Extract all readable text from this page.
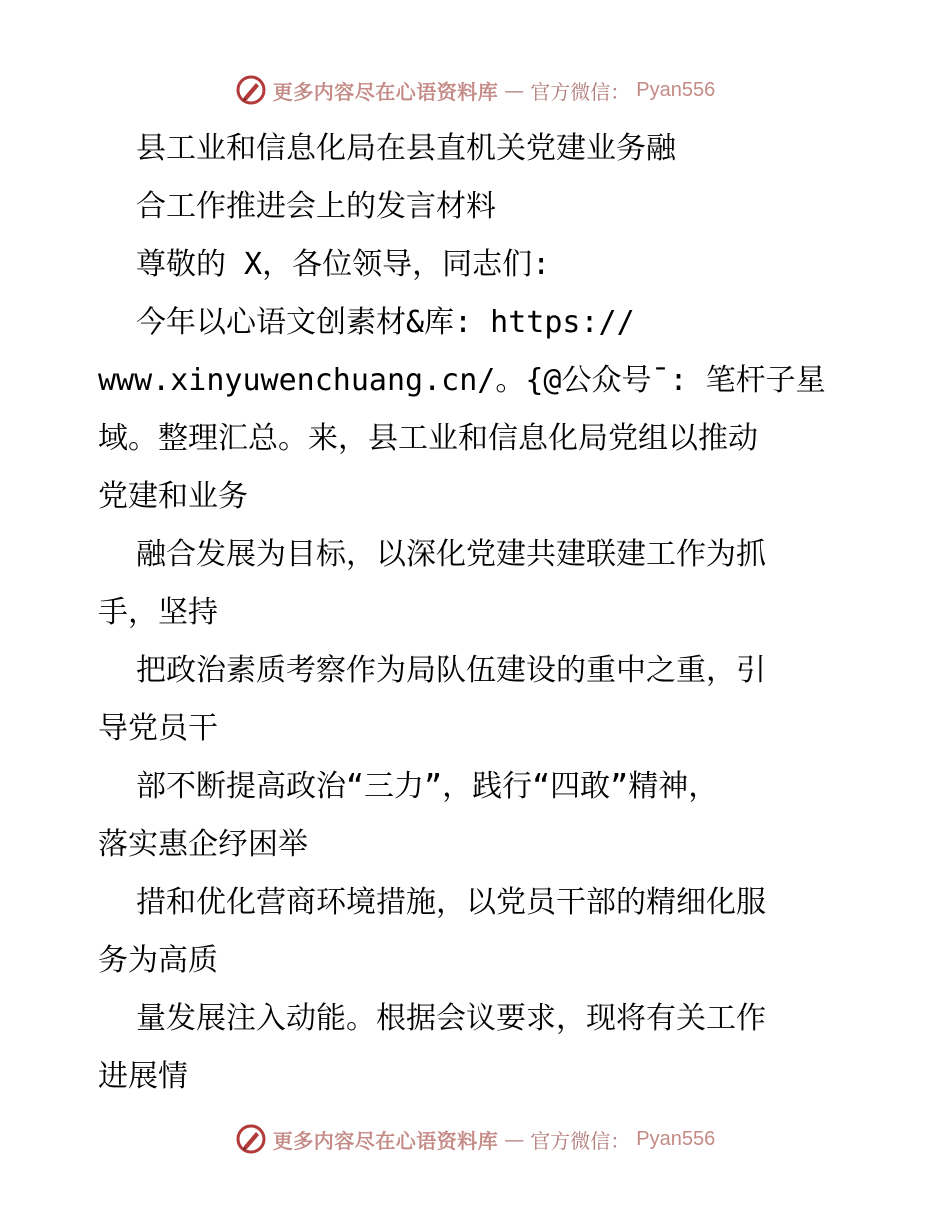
更多内容尽在心语资料库 — 官方微信： Pyan556
县工业和信息化局在县直机关党建业务融
合工作推进会上的发言材料
尊敬的 X，各位领导，同志们:
今年以心语文创素材&库: https://
www.xinyuwenchuang.cn/。{@公众号¯: 笔杆子星
域。整理汇总。来，县工业和信息化局党组以推动
党建和业务
融合发展为目标，以深化党建共建联建工作为抓
手，坚持
把政治素质考察作为局队伍建设的重中之重，引
导党员干
部不断提高政治“三力”，践行“四敢”精神，
落实惠企纾困举
措和优化营商环境措施，以党员干部的精细化服
务为高质
量发展注入动能。根据会议要求，现将有关工作
进展情
更多内容尽在心语资料库 — 官方微信： Pyan556
